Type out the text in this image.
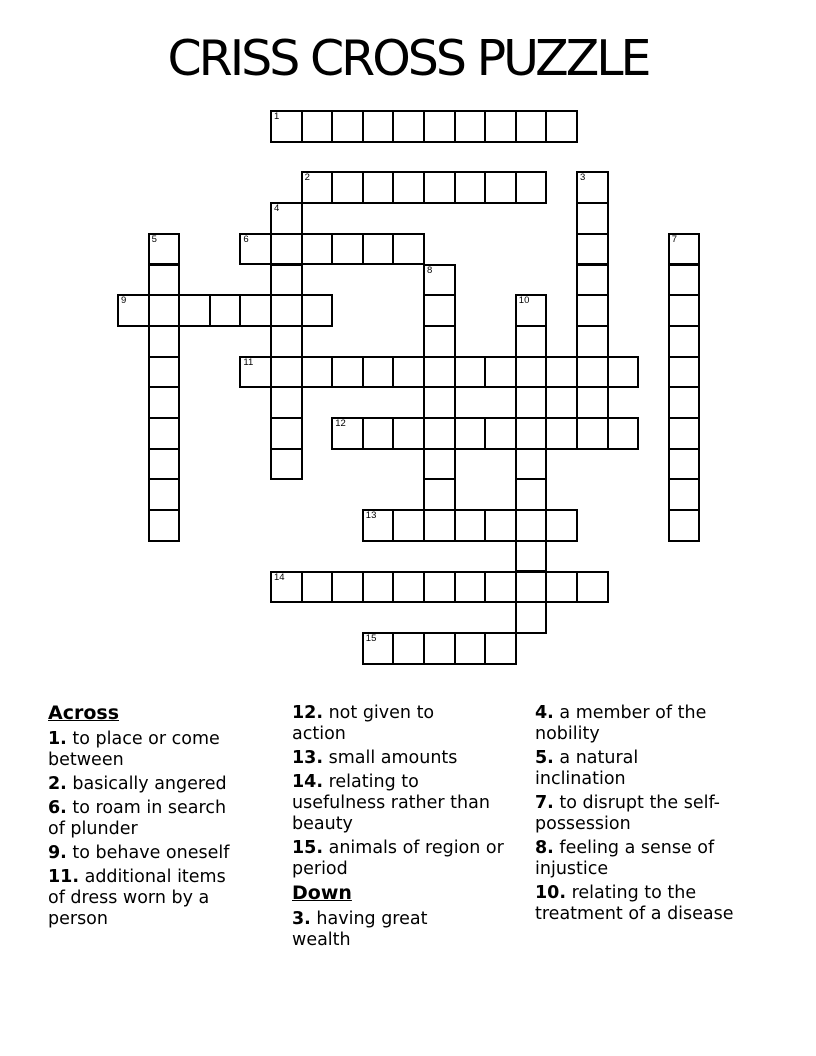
CRISS CROSS PUZZLE
1
2	3
4
5	6	7
8
9	10
11
12
13
14
15
Across
1. to place or come between
2. basically angered
6. to roam in search of plunder
9. to behave oneself
11. additional items of dress worn by a person
12. not given to action
13. small amounts
14. relating to usefulness rather than beauty
15. animals of region or period
Down
3. having great wealth
4. a member of the nobility
5. a natural inclination
7. to disrupt the self-possession
8. feeling a sense of injustice
10. relating to the treatment of a disease
